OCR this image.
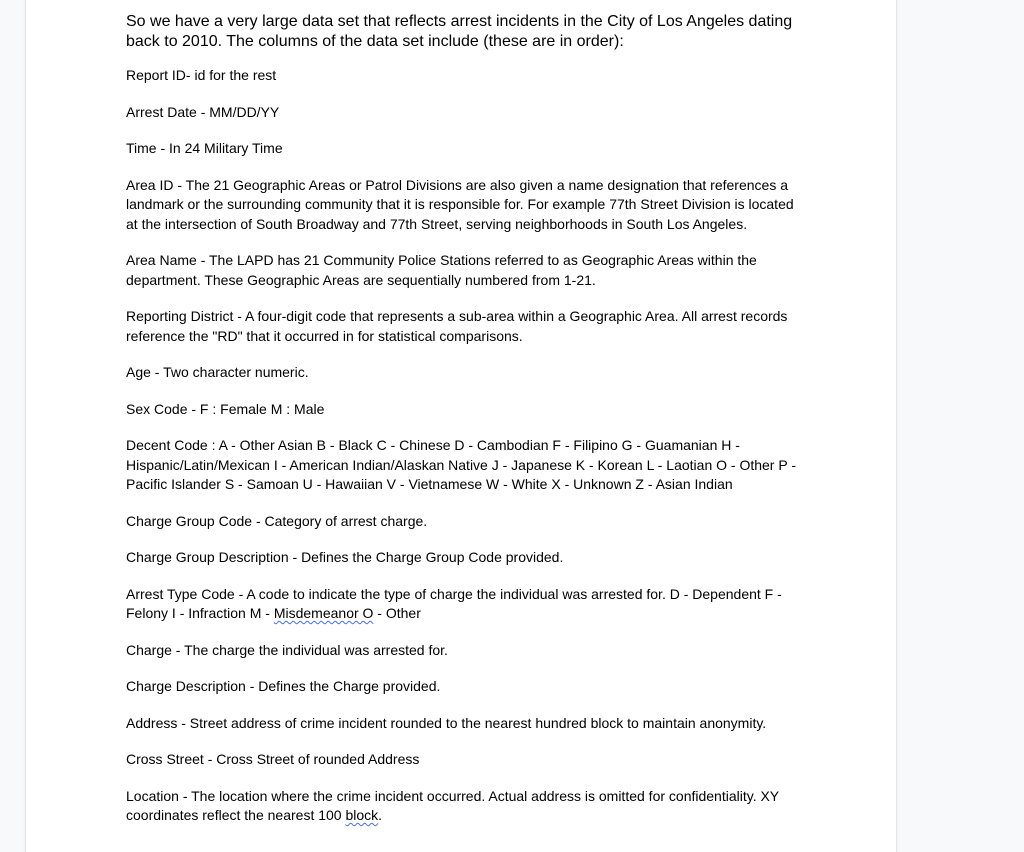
So we have a very large data set that reflects arrest incidents in the City of Los Angeles dating back to 2010. The columns of the data set include (these are in order):

Report ID- id for the rest

Arrest Date - MM/DD/YY

Time - In 24 Military Time

Area ID - The 21 Geographic Areas or Patrol Divisions are also given a name designation that references a landmark or the surrounding community that it is responsible for. For example 77th Street Division is located at the intersection of South Broadway and 77th Street, serving neighborhoods in South Los Angeles.

Area Name - The LAPD has 21 Community Police Stations referred to as Geographic Areas within the department. These Geographic Areas are sequentially numbered from 1-21.

Reporting District - A four-digit code that represents a sub-area within a Geographic Area. All arrest records reference the "RD" that it occurred in for statistical comparisons.

Age - Two character numeric.

Sex Code - F : Female M : Male

Decent Code : A - Other Asian B - Black C - Chinese D - Cambodian F - Filipino G - Guamanian H - Hispanic/Latin/Mexican I - American Indian/Alaskan Native J - Japanese K - Korean L - Laotian O - Other P - Pacific Islander S - Samoan U - Hawaiian V - Vietnamese W - White X - Unknown Z - Asian Indian

Charge Group Code - Category of arrest charge.

Charge Group Description - Defines the Charge Group Code provided.

Arrest Type Code - A code to indicate the type of charge the individual was arrested for. D - Dependent F - Felony I - Infraction M - Misdemeanor O - Other

Charge - The charge the individual was arrested for.

Charge Description - Defines the Charge provided.

Address - Street address of crime incident rounded to the nearest hundred block to maintain anonymity.

Cross Street - Cross Street of rounded Address

Location - The location where the crime incident occurred. Actual address is omitted for confidentiality. XY coordinates reflect the nearest 100 block.
